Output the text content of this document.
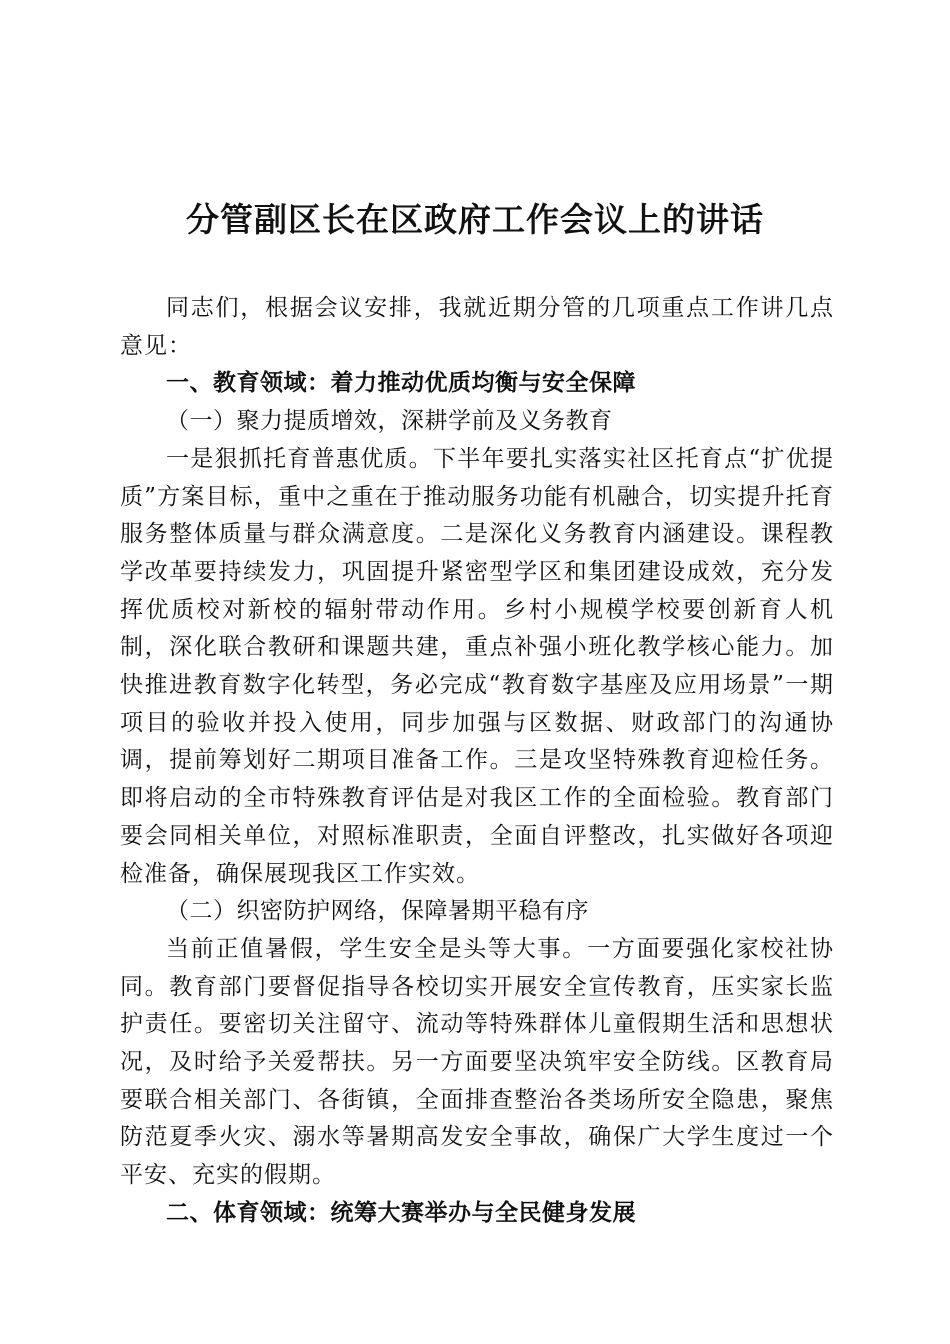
分管副区长在区政府工作会议上的讲话

同志们，根据会议安排，我就近期分管的几项重点工作讲几点意见：

一、教育领域：着力推动优质均衡与安全保障

（一）聚力提质增效，深耕学前及义务教育

一是狠抓托育普惠优质。下半年要扎实落实社区托育点“扩优提质”方案目标，重中之重在于推动服务功能有机融合，切实提升托育服务整体质量与群众满意度。二是深化义务教育内涵建设。课程教学改革要持续发力，巩固提升紧密型学区和集团建设成效，充分发挥优质校对新校的辐射带动作用。乡村小规模学校要创新育人机制，深化联合教研和课题共建，重点补强小班化教学核心能力。加快推进教育数字化转型，务必完成“教育数字基座及应用场景”一期项目的验收并投入使用，同步加强与区数据、财政部门的沟通协调，提前筹划好二期项目准备工作。三是攻坚特殊教育迎检任务。即将启动的全市特殊教育评估是对我区工作的全面检验。教育部门要会同相关单位，对照标准职责，全面自评整改，扎实做好各项迎检准备，确保展现我区工作实效。

（二）织密防护网络，保障暑期平稳有序

当前正值暑假，学生安全是头等大事。一方面要强化家校社协同。教育部门要督促指导各校切实开展安全宣传教育，压实家长监护责任。要密切关注留守、流动等特殊群体儿童假期生活和思想状况，及时给予关爱帮扶。另一方面要坚决筑牢安全防线。区教育局要联合相关部门、各街镇，全面排查整治各类场所安全隐患，聚焦防范夏季火灾、溺水等暑期高发安全事故，确保广大学生度过一个平安、充实的假期。

二、体育领域：统筹大赛举办与全民健身发展
